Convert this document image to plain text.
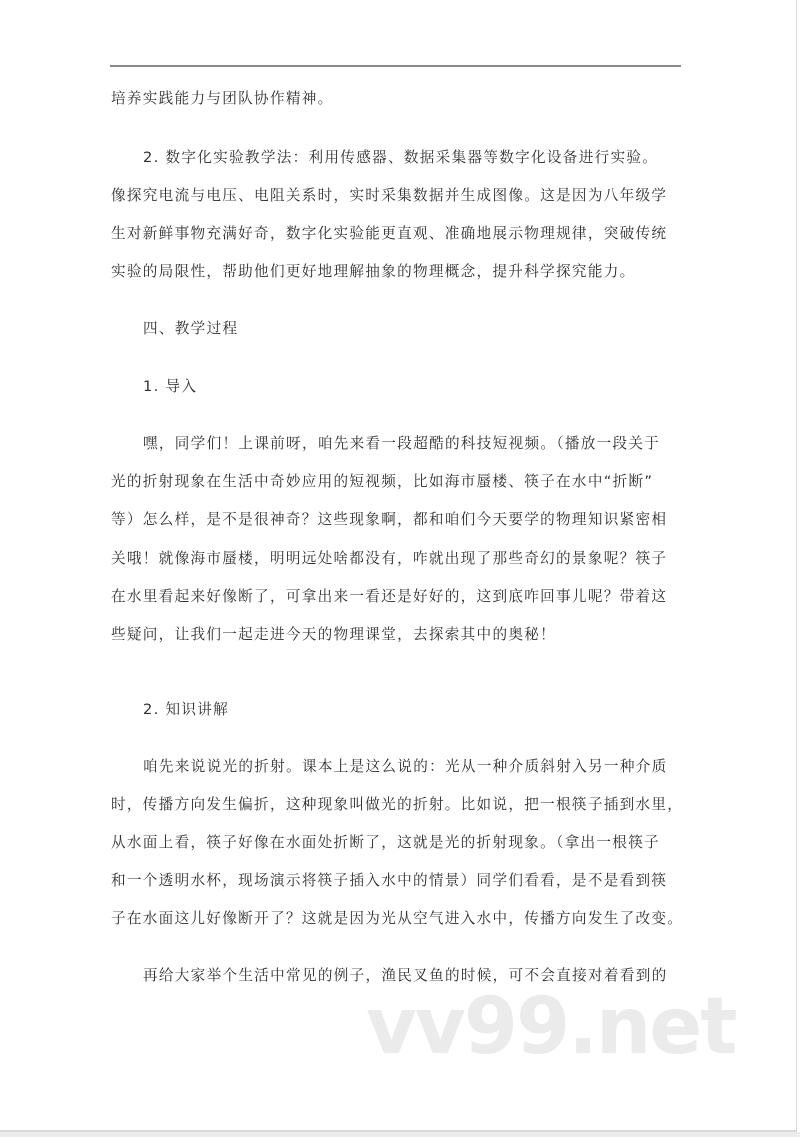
培养实践能力与团队协作精神。
2. 数字化实验教学法：利用传感器、数据采集器等数字化设备进行实验。
像探究电流与电压、电阻关系时，实时采集数据并生成图像。这是因为八年级学
生对新鲜事物充满好奇，数字化实验能更直观、准确地展示物理规律，突破传统
实验的局限性，帮助他们更好地理解抽象的物理概念，提升科学探究能力。
四、教学过程
1. 导入
嘿，同学们！上课前呀，咱先来看一段超酷的科技短视频。（播放一段关于
光的折射现象在生活中奇妙应用的短视频，比如海市蜃楼、筷子在水中“折断”
等）怎么样，是不是很神奇？这些现象啊，都和咱们今天要学的物理知识紧密相
关哦！就像海市蜃楼，明明远处啥都没有，咋就出现了那些奇幻的景象呢？筷子
在水里看起来好像断了，可拿出来一看还是好好的，这到底咋回事儿呢？带着这
些疑问，让我们一起走进今天的物理课堂，去探索其中的奥秘！
2. 知识讲解
咱先来说说光的折射。课本上是这么说的：光从一种介质斜射入另一种介质
时，传播方向发生偏折，这种现象叫做光的折射。比如说，把一根筷子插到水里，
从水面上看，筷子好像在水面处折断了，这就是光的折射现象。（拿出一根筷子
和一个透明水杯，现场演示将筷子插入水中的情景）同学们看看，是不是看到筷
子在水面这儿好像断开了？这就是因为光从空气进入水中，传播方向发生了改变。
再给大家举个生活中常见的例子，渔民叉鱼的时候，可不会直接对着看到的
vv99.net
